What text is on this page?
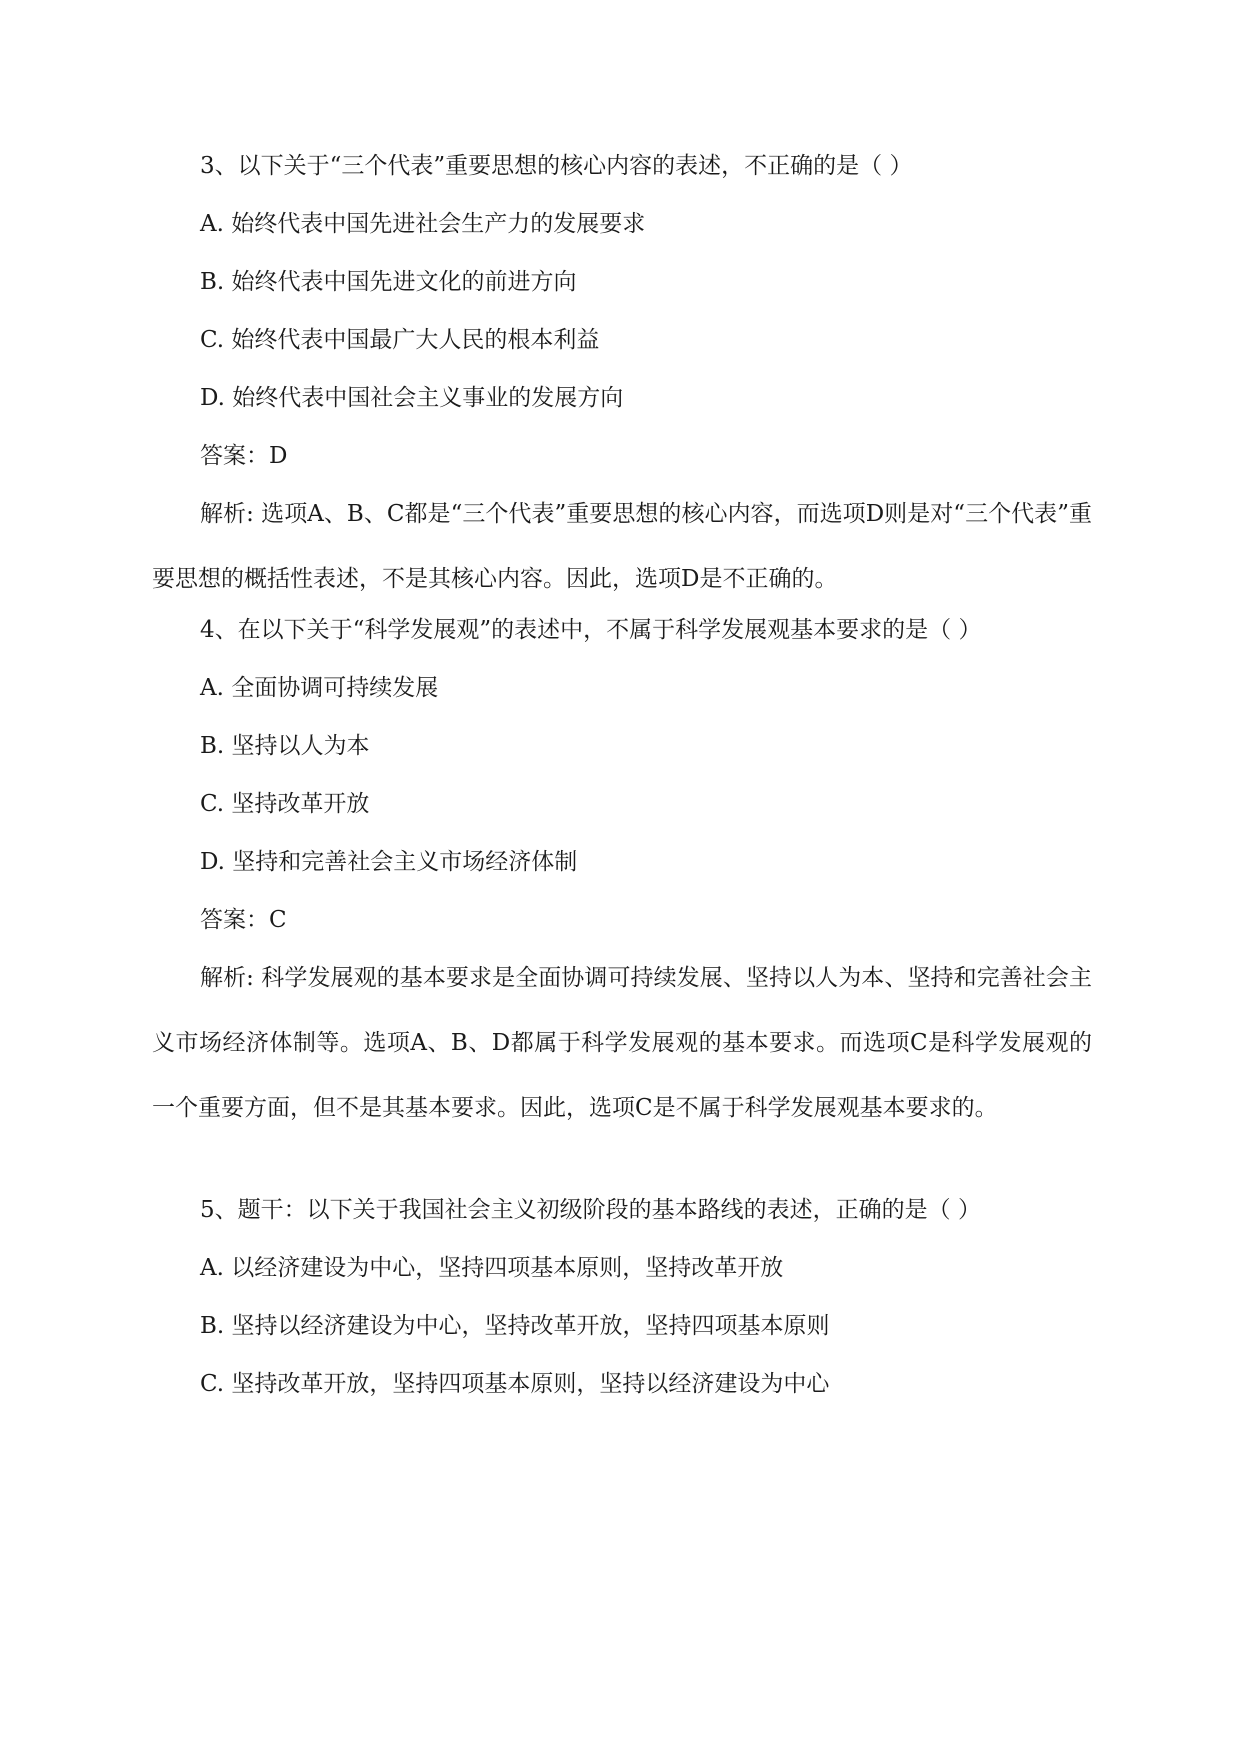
3、以下关于“三个代表”重要思想的核心内容的表述，不正确的是（ ）
A. 始终代表中国先进社会生产力的发展要求
B. 始终代表中国先进文化的前进方向
C. 始终代表中国最广大人民的根本利益
D. 始终代表中国社会主义事业的发展方向
答案：D
解析: 选项A、B、C都是“三个代表”重要思想的核心内容，而选项D则是对“三个代表”重要思想的概括性表述，不是其核心内容。因此，选项D是不正确的。
4、在以下关于“科学发展观”的表述中，不属于科学发展观基本要求的是（ ）
A. 全面协调可持续发展
B. 坚持以人为本
C. 坚持改革开放
D. 坚持和完善社会主义市场经济体制
答案：C
解析: 科学发展观的基本要求是全面协调可持续发展、坚持以人为本、坚持和完善社会主义市场经济体制等。选项A、B、D都属于科学发展观的基本要求。而选项C是科学发展观的一个重要方面，但不是其基本要求。因此，选项C是不属于科学发展观基本要求的。
5、题干：以下关于我国社会主义初级阶段的基本路线的表述，正确的是（ ）
A. 以经济建设为中心，坚持四项基本原则，坚持改革开放
B. 坚持以经济建设为中心，坚持改革开放，坚持四项基本原则
C. 坚持改革开放，坚持四项基本原则，坚持以经济建设为中心
